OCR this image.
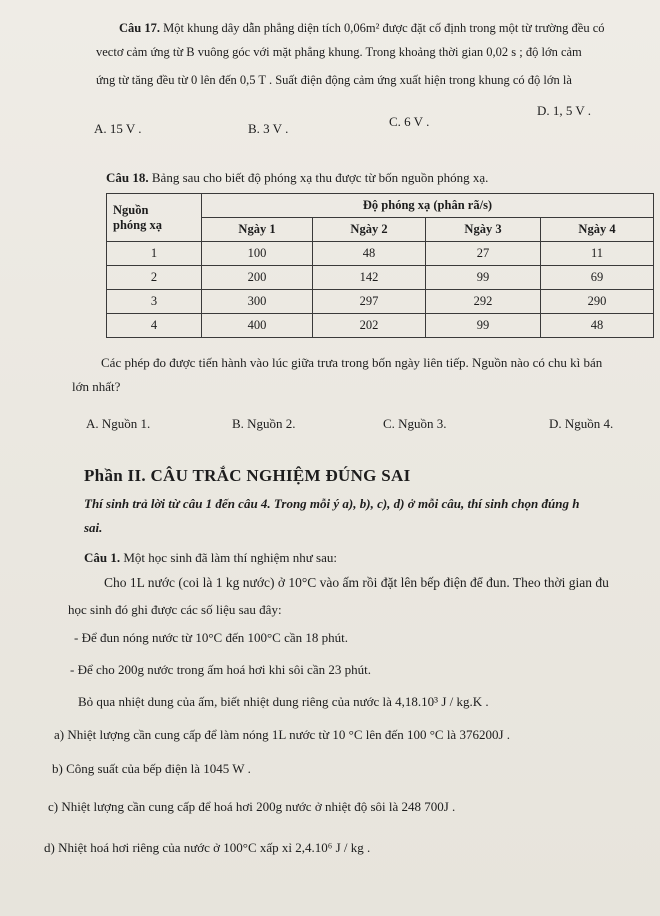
Câu 17. Một khung dây dẫn phẳng diện tích 0,06m² được đặt cố định trong một từ trường đều có
vectơ cảm ứng từ B vuông góc với mặt phẳng khung. Trong khoảng thời gian 0,02 s ; độ lớn cảm
ứng từ tăng đều từ 0 lên đến 0,5 T . Suất điện động cảm ứng xuất hiện trong khung có độ lớn là
A. 15 V .	B. 3 V .	C. 6 V .
D. 1, 5 V .
Câu 18. Bảng sau cho biết độ phóng xạ thu được từ bốn nguồn phóng xạ.
Nguồn
phóng xạ	Độ phóng xạ (phân rã/s)			
	Ngày 1	Ngày 2	Ngày 3	Ngày 4
1	100	48	27	11
2	200	142	99	69
3	300	297	292	290
4	400	202	99	48
Các phép đo được tiến hành vào lúc giữa trưa trong bốn ngày liên tiếp. Nguồn nào có chu kì bán
lớn nhất?
A. Nguồn 1.	B. Nguồn 2.	C. Nguồn 3.	D. Nguồn 4.
Phần II. CÂU TRẮC NGHIỆM ĐÚNG SAI
Thí sinh trả lời từ câu 1 đến câu 4. Trong mỗi ý a), b), c), d) ở mỗi câu, thí sinh chọn đúng h
sai.
Câu 1. Một học sinh đã làm thí nghiệm như sau:
Cho 1L nước (coi là 1 kg nước) ở 10°C vào ấm rồi đặt lên bếp điện để đun. Theo thời gian đu
học sinh đó ghi được các số liệu sau đây:
- Để đun nóng nước từ 10°C đến 100°C cần 18 phút.
- Để cho 200g nước trong ấm hoá hơi khi sôi cần 23 phút.
Bỏ qua nhiệt dung của ấm, biết nhiệt dung riêng của nước là 4,18.10³ J / kg.K .
a) Nhiệt lượng cần cung cấp để làm nóng 1L nước từ 10 °C lên đến 100 °C là 376200J .
b) Công suất của bếp điện là 1045 W .
c) Nhiệt lượng cần cung cấp để hoá hơi 200g nước ở nhiệt độ sôi là 248 700J .
d) Nhiệt hoá hơi riêng của nước ở 100°C xấp xỉ 2,4.10⁶ J / kg .
